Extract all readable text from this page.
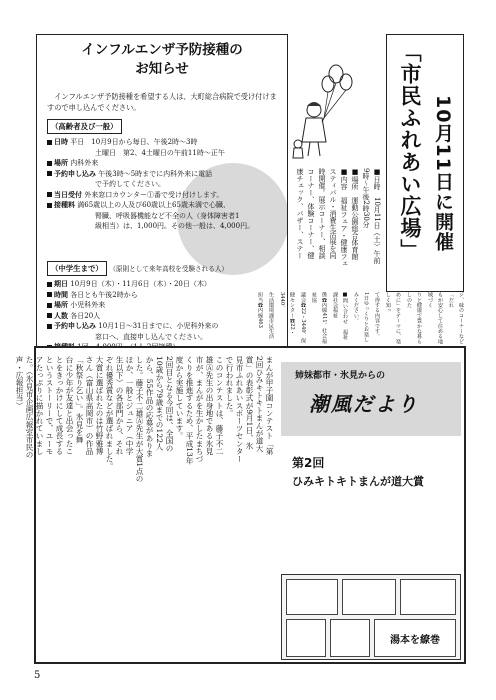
インフルエンザ予防接種の
お知らせ
インフルエンザ予防接種を希望する人は、大町総合病院で受け付けますので申し込んでください。
（高齢者及び一般）
日時 平日　10月9日から毎日、午後2時～3時
土曜日　第2、4土曜日の午前11時～正午
場所 内科外来
予約申し込み 午後3時～5時までに内科外来に電話
で予約してください。
当日受付 外来窓口カウンター①番で受け付けします。
接種料 満65歳以上の人及び60歳以上65歳未満で心臓、
腎臓、呼吸器機能など不全の人（身体障害者1
級相当）は、1,000円。その他一般は、4,000円。
（中学生まで） （原則として来年高校を受験される人）
期日 10月9日（木）・11月6日（木）・20日（木）
時間 各日とも午後2時から
場所 小児科外来
人数 各日20人
予約申し込み 10月1日～31日までに、小児科外来の
窓口へ、直接申し込んでください。

「市民ふれあい広場」 10月11日に開催
■日時　10月11日（土）午前
9時～午後2時30分
■場所　運動公園総合体育館
■内容　福祉フェア・健康フェ
スティバル・消費生活展を同
時開催。展示コーナー、相談
コーナー、体験コーナー、健
康チェック、バザー、ステー
ジ、味のコーナーなど「だれ
もが安心して住める地域づく
りと健康で豊かな暮らしのた
めに」をテーマに、楽しく知っ
て得する内容です。
1日ゆっくりとお楽しみください。
■問い合わせ　福祉課社会福祉
係☎内線411、社会福祉協
議会☎22・3440、保
健センター☎22・3440、
生活環境課市民生活
担当☎内線463
姉妹都市・氷見からの
潮風だより
第2回
ひみキトキトまんが道大賞
湯本を繚巻
まんが甲子園コンテスト「第
2回ひみキトキトまんが道大
賞」の表彰式が9月1日、氷
見市ふれあいスポーツセンター
で行われました。
このコンテストは、藤子不二
雄Ⓐ先生の出身地である氷見
市が、まんがを生かしたまちづ
くりを推進するため、平成13年
度から実施しています。
2回目となる今回は、全国の
10歳から79歳までの122人
から、55作品の応募がありま
した。藤子不二雄Ⓐ先生が大賞1点の
ほか、一般とジュニア（中学
生以下）の各部門から、それ
ぞれ優秀賞などが選ばれました。
大賞に選ばれたのは竹野雅博
さん（富山県高岡市）の作品
「秋祭り乞い」。氷見を舞
台に少年が友達と出会ったこ
とをきっかけにして成長する
というストーリーで、ユーモ
アたっぷりに描かれていまし
た。（氷見市企画広報室市民の
声・広報担当）
5
